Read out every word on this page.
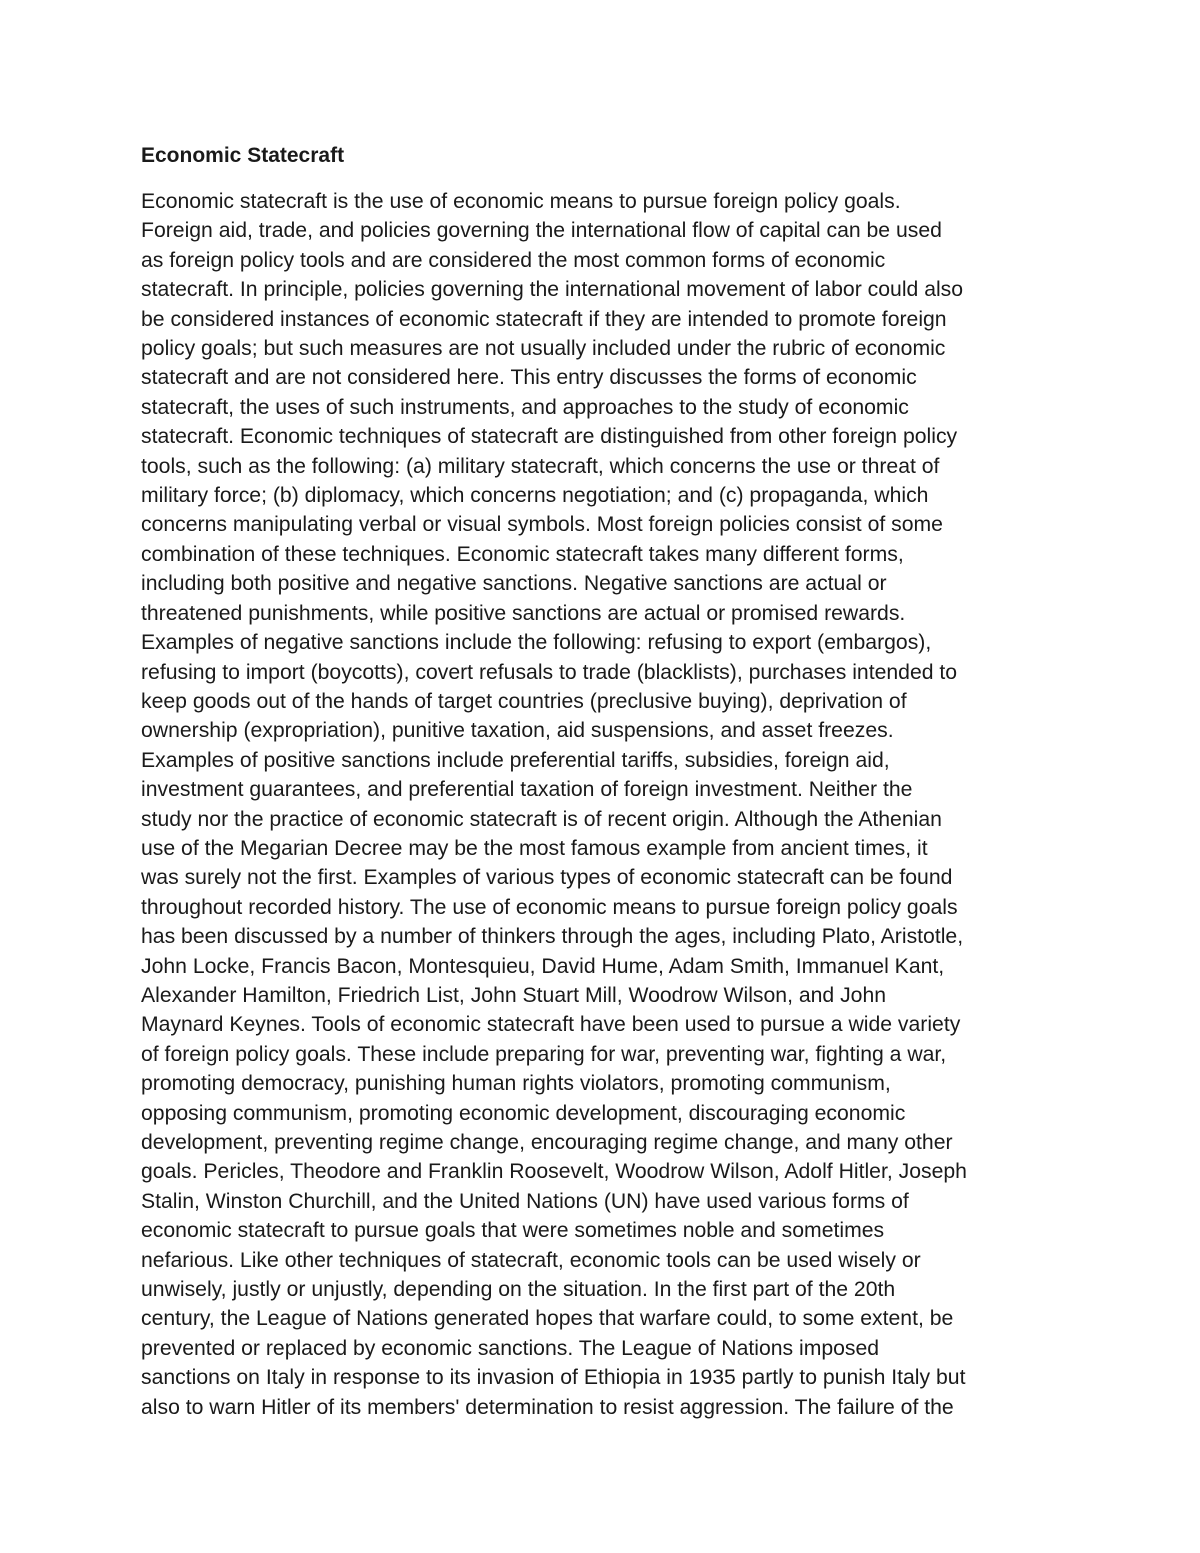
Economic Statecraft
Economic statecraft is the use of economic means to pursue foreign policy goals.
Foreign aid, trade, and policies governing the international flow of capital can be used
as foreign policy tools and are considered the most common forms of economic
statecraft. In principle, policies governing the international movement of labor could also
be considered instances of economic statecraft if they are intended to promote foreign
policy goals; but such measures are not usually included under the rubric of economic
statecraft and are not considered here. This entry discusses the forms of economic
statecraft, the uses of such instruments, and approaches to the study of economic
statecraft. Economic techniques of statecraft are distinguished from other foreign policy
tools, such as the following: (a) military statecraft, which concerns the use or threat of
military force; (b) diplomacy, which concerns negotiation; and (c) propaganda, which
concerns manipulating verbal or visual symbols. Most foreign policies consist of some
combination of these techniques. Economic statecraft takes many different forms,
including both positive and negative sanctions. Negative sanctions are actual or
threatened punishments, while positive sanctions are actual or promised rewards.
Examples of negative sanctions include the following: refusing to export (embargos),
refusing to import (boycotts), covert refusals to trade (blacklists), purchases intended to
keep goods out of the hands of target countries (preclusive buying), deprivation of
ownership (expropriation), punitive taxation, aid suspensions, and asset freezes.
Examples of positive sanctions include preferential tariffs, subsidies, foreign aid,
investment guarantees, and preferential taxation of foreign investment. Neither the
study nor the practice of economic statecraft is of recent origin. Although the Athenian
use of the Megarian Decree may be the most famous example from ancient times, it
was surely not the first. Examples of various types of economic statecraft can be found
throughout recorded history. The use of economic means to pursue foreign policy goals
has been discussed by a number of thinkers through the ages, including Plato, Aristotle,
John Locke, Francis Bacon, Montesquieu, David Hume, Adam Smith, Immanuel Kant,
Alexander Hamilton, Friedrich List, John Stuart Mill, Woodrow Wilson, and John
Maynard Keynes. Tools of economic statecraft have been used to pursue a wide variety
of foreign policy goals. These include preparing for war, preventing war, fighting a war,
promoting democracy, punishing human rights violators, promoting communism,
opposing communism, promoting economic development, discouraging economic
development, preventing regime change, encouraging regime change, and many other
goals. Pericles, Theodore and Franklin Roosevelt, Woodrow Wilson, Adolf Hitler, Joseph
Stalin, Winston Churchill, and the United Nations (UN) have used various forms of
economic statecraft to pursue goals that were sometimes noble and sometimes
nefarious. Like other techniques of statecraft, economic tools can be used wisely or
unwisely, justly or unjustly, depending on the situation. In the first part of the 20th
century, the League of Nations generated hopes that warfare could, to some extent, be
prevented or replaced by economic sanctions. The League of Nations imposed
sanctions on Italy in response to its invasion of Ethiopia in 1935 partly to punish Italy but
also to warn Hitler of its members' determination to resist aggression. The failure of the
